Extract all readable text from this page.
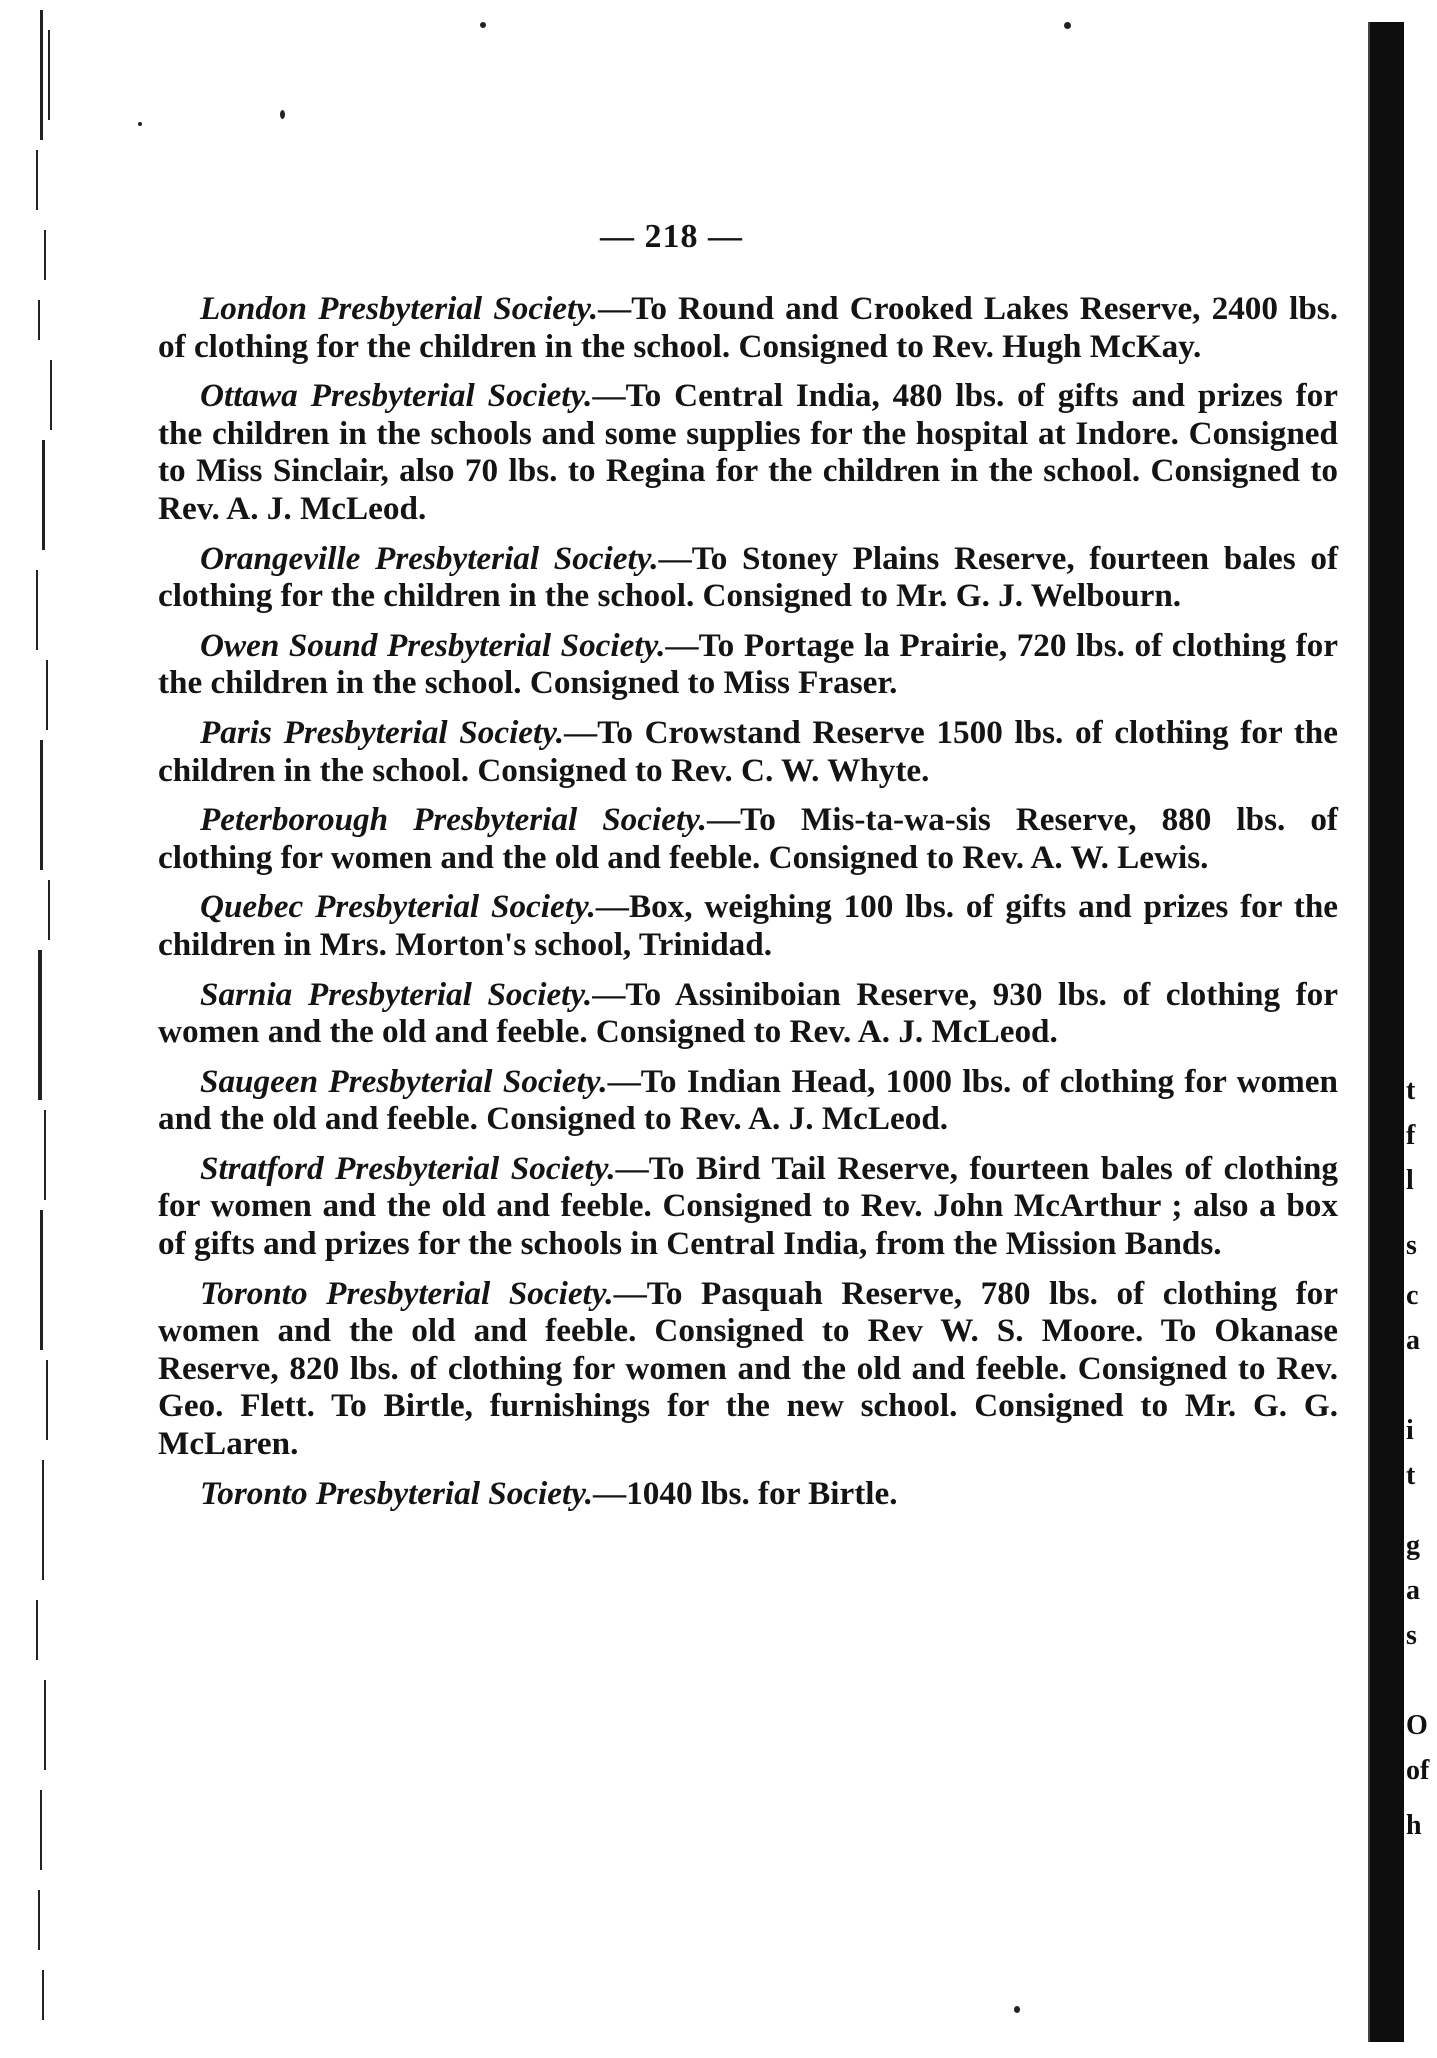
— 218 —

London Presbyterial Society.—To Round and Crooked Lakes Reserve, 2400 lbs. of clothing for the children in the school. Consigned to Rev. Hugh McKay.

Ottawa Presbyterial Society.—To Central India, 480 lbs. of gifts and prizes for the children in the schools and some supplies for the hospital at Indore. Consigned to Miss Sinclair, also 70 lbs. to Regina for the children in the school. Consigned to Rev. A. J. McLeod.

Orangeville Presbyterial Society.—To Stoney Plains Reserve, fourteen bales of clothing for the children in the school. Consigned to Mr. G. J. Welbourn.

Owen Sound Presbyterial Society.—To Portage la Prairie, 720 lbs. of clothing for the children in the school. Consigned to Miss Fraser.

Paris Presbyterial Society.—To Crowstand Reserve 1500 lbs. of clothing for the children in the school. Consigned to Rev. C. W. Whyte.

Peterborough Presbyterial Society.—To Mis-ta-wa-sis Reserve, 880 lbs. of clothing for women and the old and feeble. Consigned to Rev. A. W. Lewis.

Quebec Presbyterial Society.—Box, weighing 100 lbs. of gifts and prizes for the children in Mrs. Morton's school, Trinidad.

Sarnia Presbyterial Society.—To Assiniboian Reserve, 930 lbs. of clothing for women and the old and feeble. Consigned to Rev. A. J. McLeod.

Saugeen Presbyterial Society.—To Indian Head, 1000 lbs. of clothing for women and the old and feeble. Consigned to Rev. A. J. McLeod.

Stratford Presbyterial Society.—To Bird Tail Reserve, fourteen bales of clothing for women and the old and feeble. Consigned to Rev. John McArthur ; also a box of gifts and prizes for the schools in Central India, from the Mission Bands.

Toronto Presbyterial Society.—To Pasquah Reserve, 780 lbs. of clothing for women and the old and feeble. Consigned to Rev W. S. Moore. To Okanase Reserve, 820 lbs. of clothing for women and the old and feeble. Consigned to Rev. Geo. Flett. To Birtle, furnishings for the new school. Consigned to Mr. G. G. McLaren.

Toronto Presbyterial Society.—1040 lbs. for Birtle.

t
f
l
s
c
a
i
t
g
a
s
O
of
h
